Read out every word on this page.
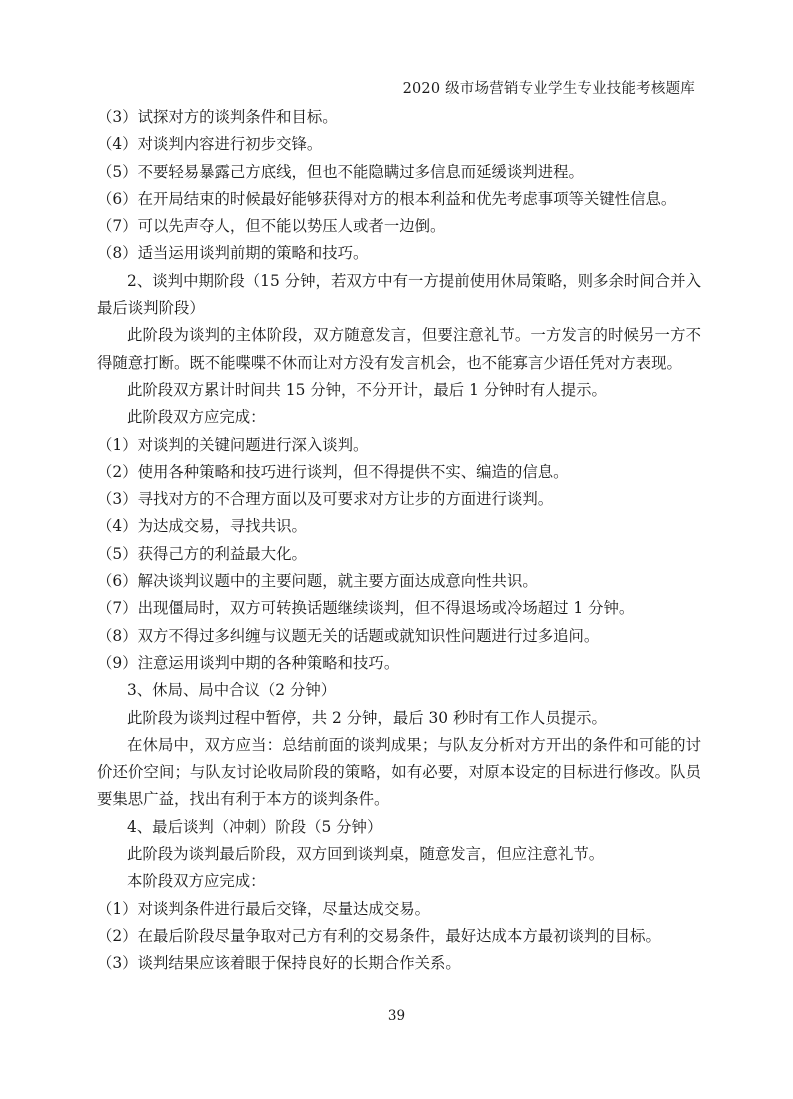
2020 级市场营销专业学生专业技能考核题库
（3）试探对方的谈判条件和目标。
（4）对谈判内容进行初步交锋。
（5）不要轻易暴露己方底线，但也不能隐瞒过多信息而延缓谈判进程。
（6）在开局结束的时候最好能够获得对方的根本利益和优先考虑事项等关键性信息。
（7）可以先声夺人，但不能以势压人或者一边倒。
（8）适当运用谈判前期的策略和技巧。
2、谈判中期阶段（15 分钟，若双方中有一方提前使用休局策略，则多余时间合并入最后谈判阶段）
此阶段为谈判的主体阶段，双方随意发言，但要注意礼节。一方发言的时候另一方不得随意打断。既不能喋喋不休而让对方没有发言机会，也不能寡言少语任凭对方表现。
此阶段双方累计时间共 15 分钟，不分开计，最后 1 分钟时有人提示。
此阶段双方应完成：
（1）对谈判的关键问题进行深入谈判。
（2）使用各种策略和技巧进行谈判，但不得提供不实、编造的信息。
（3）寻找对方的不合理方面以及可要求对方让步的方面进行谈判。
（4）为达成交易，寻找共识。
（5）获得己方的利益最大化。
（6）解决谈判议题中的主要问题，就主要方面达成意向性共识。
（7）出现僵局时，双方可转换话题继续谈判，但不得退场或冷场超过 1 分钟。
（8）双方不得过多纠缠与议题无关的话题或就知识性问题进行过多追问。
（9）注意运用谈判中期的各种策略和技巧。
3、休局、局中合议（2 分钟）
此阶段为谈判过程中暂停，共 2 分钟，最后 30 秒时有工作人员提示。
在休局中，双方应当：总结前面的谈判成果；与队友分析对方开出的条件和可能的讨价还价空间；与队友讨论收局阶段的策略，如有必要，对原本设定的目标进行修改。队员要集思广益，找出有利于本方的谈判条件。
4、最后谈判（冲刺）阶段（5 分钟）
此阶段为谈判最后阶段，双方回到谈判桌，随意发言，但应注意礼节。
本阶段双方应完成：
（1）对谈判条件进行最后交锋，尽量达成交易。
（2）在最后阶段尽量争取对己方有利的交易条件，最好达成本方最初谈判的目标。
（3）谈判结果应该着眼于保持良好的长期合作关系。
39
